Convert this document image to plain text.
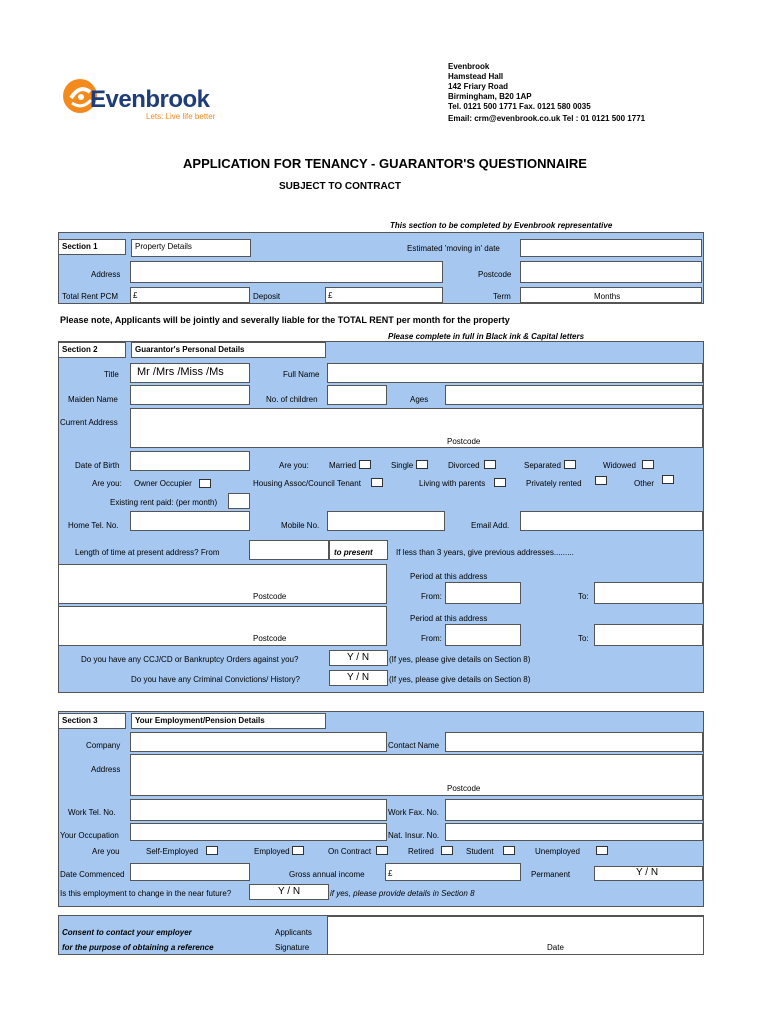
Evenbrook
Lets: Live life better
Evenbrook
Hamstead Hall
142 Friary Road
Birmingham, B20 1AP
Tel. 0121 500 1771 Fax. 0121 580 0035
Email: crm@evenbrook.co.uk Tel : 01 0121 500 1771
APPLICATION FOR TENANCY - GUARANTOR'S QUESTIONNAIRE
SUBJECT TO CONTRACT
This section to be completed by Evenbrook representative
Section 1	Property Details	Estimated 'moving in' date
Address	Postcode
Total Rent PCM £	Deposit	£	Term	Months
Please note, Applicants will be jointly and severally liable for the TOTAL RENT per month for the property
Please complete in full in Black ink & Capital letters
Section 2	Guarantor's Personal Details
Title Mr /Mrs /Miss /Ms	Full Name
Maiden Name	No. of children	Ages
Current Address
Postcode
Date of Birth	Are you:	Married	Single	Divorced	Separated	Widowed
Are you: Owner Occupier	Housing Assoc/Council Tenant	Living with parents	Privately rented	Other
Existing rent paid: (per month)
Home Tel. No.	Mobile No.	Email Add.
Length of time at present address? From	to present	If less than 3 years, give previous addresses.........
Postcode
Period at this address
From:	To:
Postcode
Period at this address
From:	To:
Do you have any CCJ/CD or Bankruptcy Orders against you?	Y / N (If yes, please give details on Section 8)
Do you have any Criminal Convictions/ History?	Y / N (If yes, please give details on Section 8)
Section 3	Your Employment/Pension Details
Company	Contact Name
Address
Postcode
Work Tel. No.	Work Fax. No.
Your Occupation	Nat. Insur. No.
Are you	Self-Employed	Employed	On Contract	Retired	Student	Unemployed
Date Commenced	Gross annual income	£	Permanent	Y / N
Is this employment to change in the near future?	Y / N	if yes, please provide details in Section 8
Consent to contact your employer
for the purpose of obtaining a reference
Applicants
Signature	Date
